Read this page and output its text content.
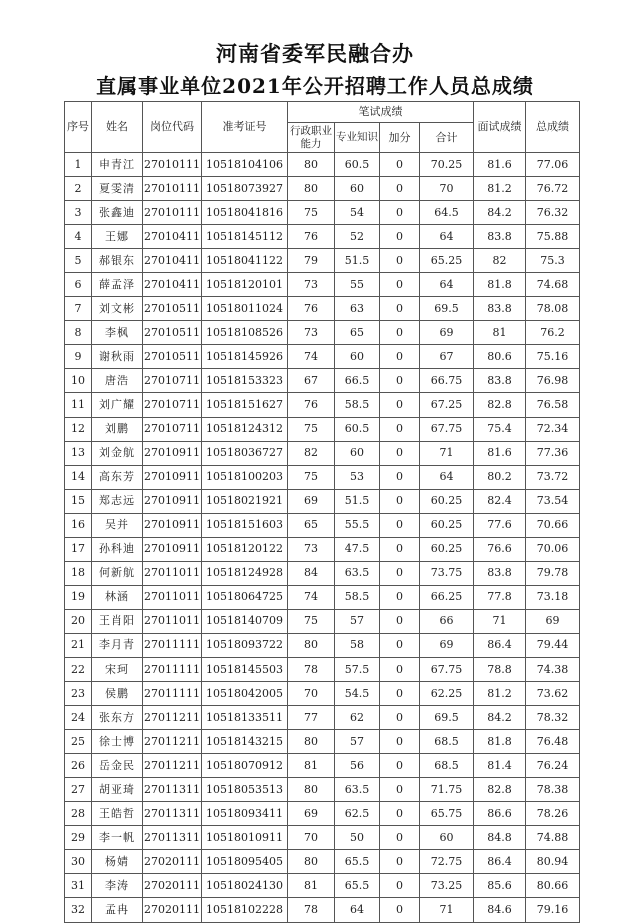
河南省委军民融合办
直属事业单位2021年公开招聘工作人员总成绩
序号	姓名	岗位代码	准考证号	笔试成绩				面试成绩	总成绩
				行政职业能力	专业知识	加分	合计		
1	申青江	27010111	10518104106	80	60.5	0	70.25	81.6	77.06
2	夏雯清	27010111	10518073927	80	60	0	70	81.2	76.72
3	张鑫迪	27010111	10518041816	75	54	0	64.5	84.2	76.32
4	王娜	27010411	10518145112	76	52	0	64	83.8	75.88
5	郝银东	27010411	10518041122	79	51.5	0	65.25	82	75.3
6	薛孟泽	27010411	10518120101	73	55	0	64	81.8	74.68
7	刘文彬	27010511	10518011024	76	63	0	69.5	83.8	78.08
8	李枫	27010511	10518108526	73	65	0	69	81	76.2
9	谢秋雨	27010511	10518145926	74	60	0	67	80.6	75.16
10	唐浩	27010711	10518153323	67	66.5	0	66.75	83.8	76.98
11	刘广耀	27010711	10518151627	76	58.5	0	67.25	82.8	76.58
12	刘鹏	27010711	10518124312	75	60.5	0	67.75	75.4	72.34
13	刘金航	27010911	10518036727	82	60	0	71	81.6	77.36
14	高东芳	27010911	10518100203	75	53	0	64	80.2	73.72
15	郑志远	27010911	10518021921	69	51.5	0	60.25	82.4	73.54
16	吴并	27010911	10518151603	65	55.5	0	60.25	77.6	70.66
17	孙科迪	27010911	10518120122	73	47.5	0	60.25	76.6	70.06
18	何新航	27011011	10518124928	84	63.5	0	73.75	83.8	79.78
19	林涵	27011011	10518064725	74	58.5	0	66.25	77.8	73.18
20	王肖阳	27011011	10518140709	75	57	0	66	71	69
21	李月青	27011111	10518093722	80	58	0	69	86.4	79.44
22	宋珂	27011111	10518145503	78	57.5	0	67.75	78.8	74.38
23	侯鹏	27011111	10518042005	70	54.5	0	62.25	81.2	73.62
24	张东方	27011211	10518133511	77	62	0	69.5	84.2	78.32
25	徐士博	27011211	10518143215	80	57	0	68.5	81.8	76.48
26	岳金民	27011211	10518070912	81	56	0	68.5	81.4	76.24
27	胡亚琦	27011311	10518053513	80	63.5	0	71.75	82.8	78.38
28	王皓哲	27011311	10518093411	69	62.5	0	65.75	86.6	78.26
29	李一帆	27011311	10518010911	70	50	0	60	84.8	74.88
30	杨婧	27020111	10518095405	80	65.5	0	72.75	86.4	80.94
31	李涛	27020111	10518024130	81	65.5	0	73.25	85.6	80.66
32	孟冉	27020111	10518102228	78	64	0	71	84.6	79.16
